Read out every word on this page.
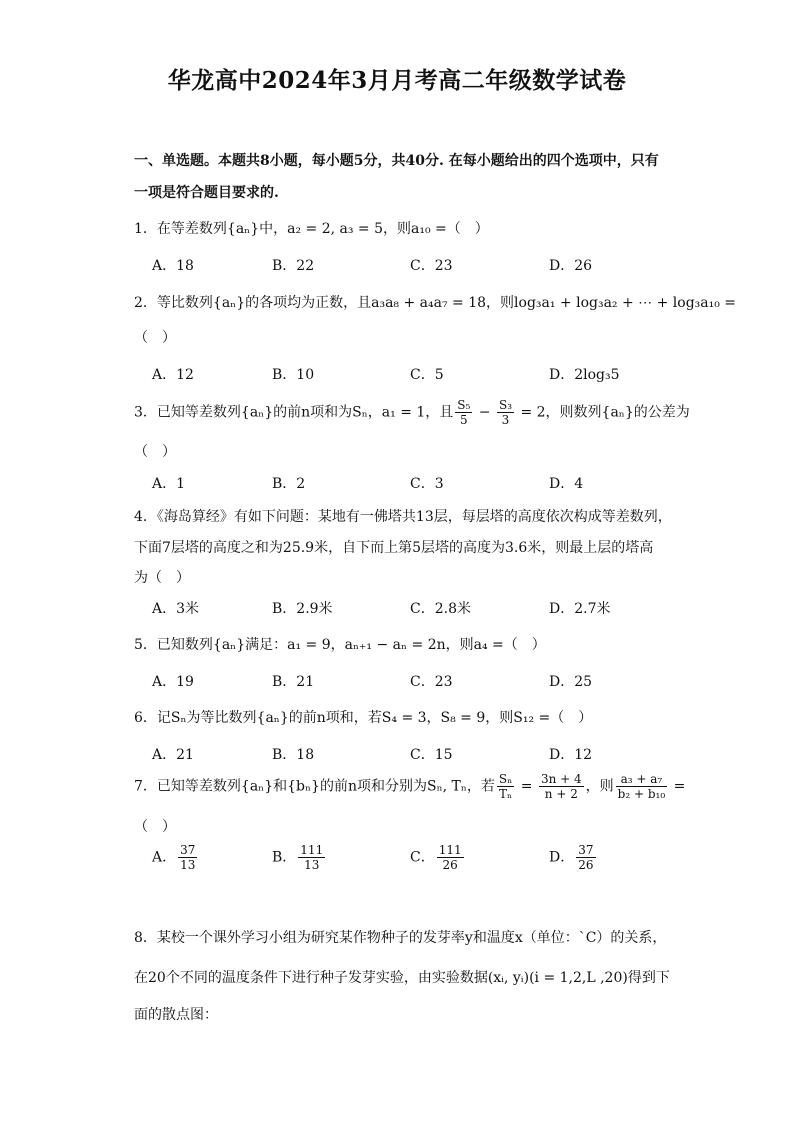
华龙高中2024年3月月考高二年级数学试卷
一、单选题。本题共8小题，每小题5分，共40分. 在每小题给出的四个选项中，只有
一项是符合题目要求的.
1．在等差数列{aₙ}中，a₂ = 2, a₃ = 5，则a₁₀ =（　）
A．18	B．22	C．23	D．26
2．等比数列{aₙ}的各项均为正数，且a₃a₈ + a₄a₇ = 18，则log₃a₁ + log₃a₂ + ⋯ + log₃a₁₀ =
（　）
A．12	B．10	C．5	D．2log₃5
3．已知等差数列{aₙ}的前n项和为Sₙ，a₁ = 1，且 $\frac{\text{S₅}}{5} - \frac{\text{S₃}}{3} = 2$，则数列{aₙ}的公差为
（　）
A．1	B．2	C．3	D．4
4．《海岛算经》有如下问题：某地有一佛塔共13层，每层塔的高度依次构成等差数列，
下面7层塔的高度之和为25.9米，自下而上第5层塔的高度为3.6米，则最上层的塔高
为（　）
A．3米	B．2.9米	C．2.8米	D．2.7米
5．已知数列{aₙ}满足：a₁ = 9，aₙ₊₁ − aₙ = 2n，则a₄ =（　）
A．19	B．21	C．23	D．25
6．记Sₙ为等比数列{aₙ}的前n项和，若S₄ = 3，S₈ = 9，则S₁₂ =（　）
A．21	B．18	C．15	D．12
7．已知等差数列{aₙ}和{bₙ}的前n项和分别为Sₙ, Tₙ，若 $\frac{\text{Sₙ}}{\text{Tₙ}} = \frac{3n + 4}{n + 2}$ ，则 $\frac{\text{a₃ + a₇}}{\text{b₂ + b₁₀}}$ =
（　）
A． $\frac{37}{13}$	B． $\frac{111}{13}$	C． $\frac{111}{26}$	D． $\frac{37}{26}$
8．某校一个课外学习小组为研究某作物种子的发芽率y和温度x（单位：`C）的关系，
在20个不同的温度条件下进行种子发芽实验，由实验数据(xᵢ, yᵢ)(i = 1,2,L ,20)得到下
面的散点图：
